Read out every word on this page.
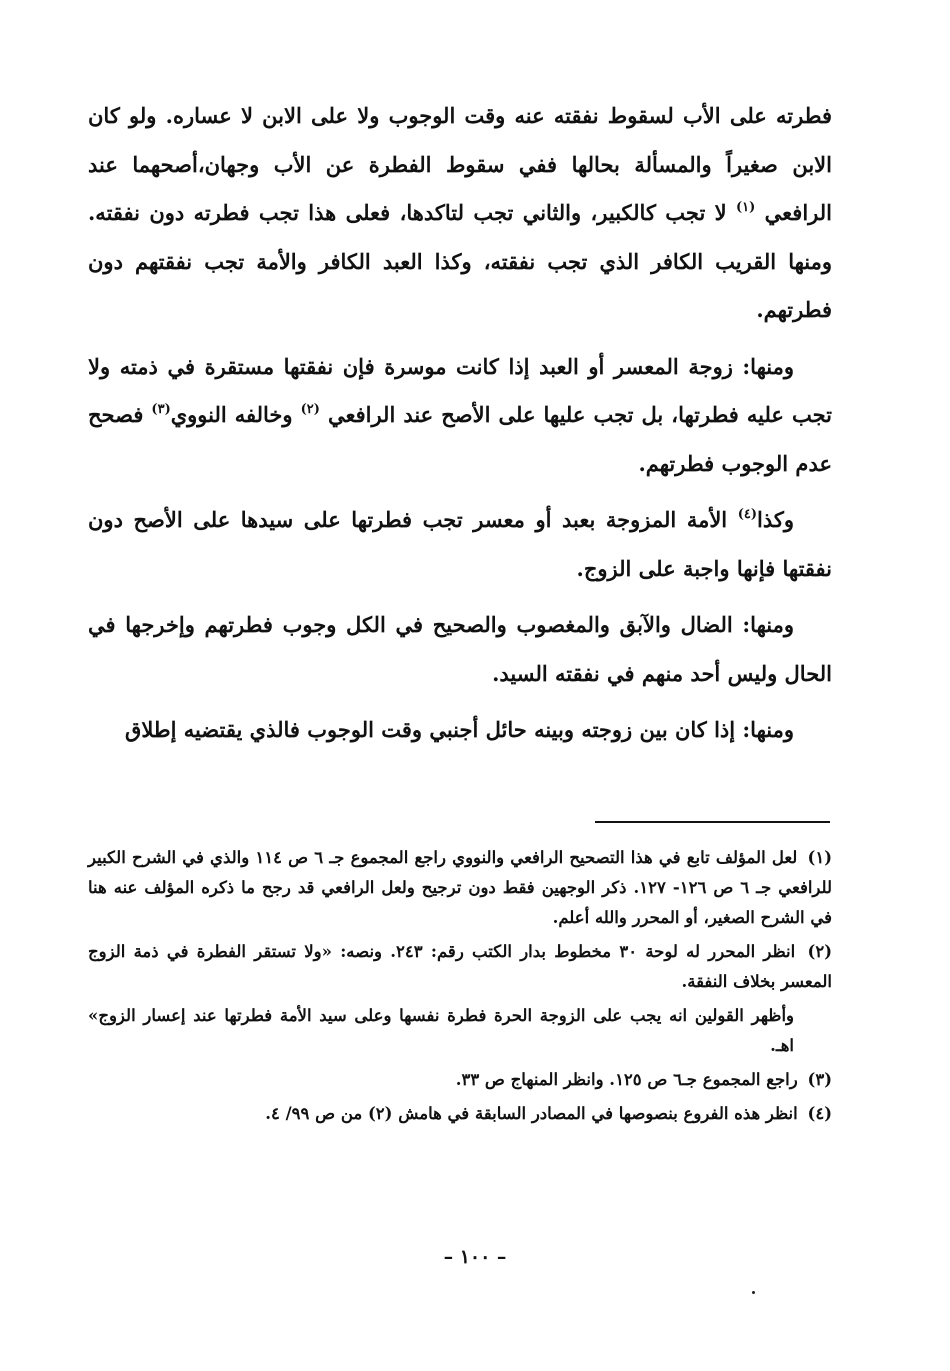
فطرته على الأب لسقوط نفقته عنه وقت الوجوب ولا على الابن لا عساره. ولو كان الابن صغيراً والمسألة بحالها ففي سقوط الفطرة عن الأب وجهان،أصحهما عند الرافعي $^{(١)}$ لا تجب كالكبير، والثاني تجب لتاكدها، فعلى هذا تجب فطرته دون نفقته. ومنها القريب الكافر الذي تجب نفقته، وكذا العبد الكافر والأمة تجب نفقتهم دون فطرتهم.

ومنها: زوجة المعسر أو العبد إذا كانت موسرة فإن نفقتها مستقرة في ذمته ولا تجب عليه فطرتها، بل تجب عليها على الأصح عند الرافعي $^{(٢)}$ وخالفه النووي$^{(٣)}$ فصحح عدم الوجوب فطرتهم.

وكذا$^{(٤)}$ الأمة المزوجة بعبد أو معسر تجب فطرتها على سيدها على الأصح دون نفقتها فإنها واجبة على الزوج.

ومنها: الضال والآبق والمغصوب والصحيح في الكل وجوب فطرتهم وإخرجها في الحال وليس أحد منهم في نفقته السيد.

ومنها: إذا كان بين زوجته وبينه حائل أجنبي وقت الوجوب فالذي يقتضيه إطلاق

(١) لعل المؤلف تابع في هذا التصحيح الرافعي والنووي راجع المجموع جـ ٦ ص ١١٤ والذي في الشرح الكبير للرافعي جـ ٦ ص ١٢٦- ١٢٧. ذكر الوجهين فقط دون ترجيح ولعل الرافعي قد رجح ما ذكره المؤلف عنه هنا في الشرح الصغير، أو المحرر والله أعلم.

(٢) انظر المحرر له لوحة ٣٠ مخطوط بدار الكتب رقم: ٢٤٣. ونصه: «ولا تستقر الفطرة في ذمة الزوج المعسر بخلاف النفقة.

وأظهر القولين انه يجب على الزوجة الحرة فطرة نفسها وعلى سيد الأمة فطرتها عند إعسار الزوج» اهـ.

(٣) راجع المجموع جـ٦ ص ١٢٥. وانظر المنهاج ص ٣٣.

(٤) انظر هذه الفروع بنصوصها في المصادر السابقة في هامش (٢) من ص ٩٩/ ٤.

– ١٠٠ –
